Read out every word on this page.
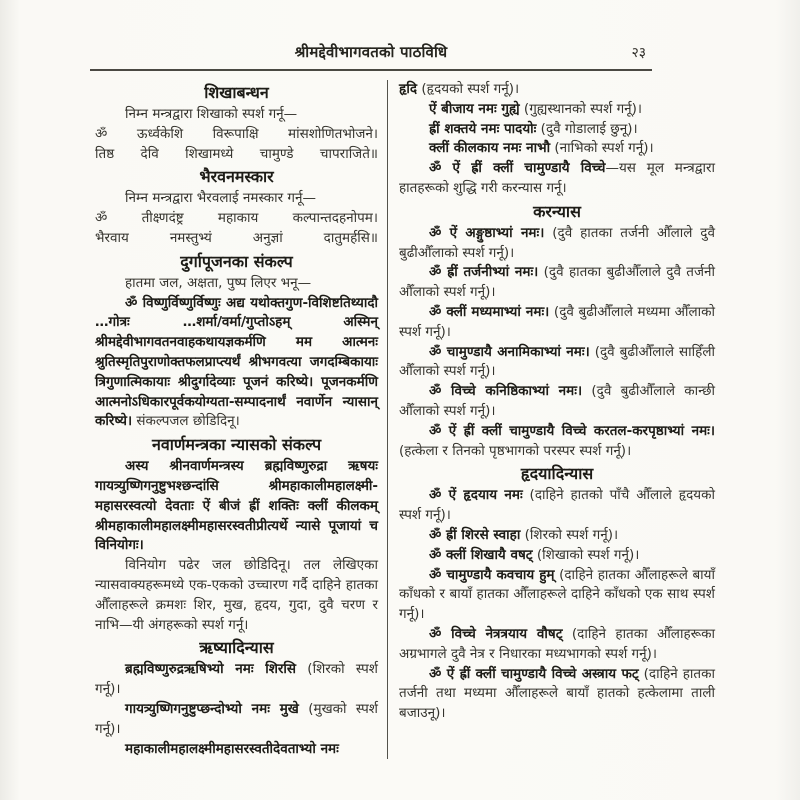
श्रीमद्देवीभागवतको पाठविधि	२३
शिखाबन्धन
निम्न मन्त्रद्वारा शिखाको स्पर्श गर्नू—
ॐ ऊर्ध्वकेशि विरूपाक्षि मांसशोणितभोजने।
तिष्ठ देवि शिखामध्ये चामुण्डे चापराजिते॥
भैरवनमस्कार
निम्न मन्त्रद्वारा भैरवलाई नमस्कार गर्नू—
ॐ तीक्ष्णदंष्ट्र महाकाय कल्पान्तदहनोपम।
भैरवाय नमस्तुभ्यं अनुज्ञां दातुमर्हसि॥
दुर्गापूजनका संकल्प
हातमा जल, अक्षता, पुष्प लिएर भनू—
ॐ विष्णुर्विष्णुर्विष्णुः अद्य यथोक्तगुण-विशिष्टतिथ्यादौ …गोत्रः …शर्मा/वर्मा/गुप्तोऽहम् अस्मिन् श्रीमद्देवीभागवतनवाहकथायज्ञकर्मणि मम आत्मनः श्रुतिस्मृतिपुराणोक्तफलप्राप्त्यर्थं श्रीभगवत्या जगदम्बिकायाः त्रिगुणात्मिकायाः श्रीदुर्गादेव्याः पूजनं करिष्ये। पूजनकर्मणि आत्मनोऽधिकारपूर्वकयोग्यता-सम्पादनार्थं नवार्णेन न्यासान् करिष्ये। संकल्पजल छोडिदिनू।
नवार्णमन्त्रका न्यासको संकल्प
अस्य श्रीनवार्णमन्त्रस्य ब्रह्मविष्णुरुद्रा ऋषयः गायत्र्युष्णिगनुष्टुभश्छन्दांसि श्रीमहाकालीमहालक्ष्मी-महासरस्वत्यो देवताः ऐं बीजं ह्रीं शक्तिः क्लीं कीलकम् श्रीमहाकालीमहालक्ष्मीमहासरस्वतीप्रीत्यर्थे न्यासे पूजायां च विनियोगः।
विनियोग पढेर जल छोडिदिनू। तल लेखिएका न्यासवाक्यहरूमध्ये एक-एकको उच्चारण गर्दै दाहिने हातका औँलाहरूले क्रमशः शिर, मुख, हृदय, गुदा, दुवै चरण र नाभि—यी अंगहरूको स्पर्श गर्नू।
ऋष्यादिन्यास
ब्रह्मविष्णुरुद्रऋषिभ्यो नमः शिरसि (शिरको स्पर्श गर्नू)।
गायत्र्युष्णिगनुष्टुप्छन्दोभ्यो नमः मुखे (मुखको स्पर्श गर्नू)।
महाकालीमहालक्ष्मीमहासरस्वतीदेवताभ्यो नमः
हृदि (हृदयको स्पर्श गर्नू)।
ऐं बीजाय नमः गुह्ये (गुह्यस्थानको स्पर्श गर्नू)।
ह्रीं शक्तये नमः पादयोः (दुवै गोडालाई छुनू)।
क्लीं कीलकाय नमः नाभौ (नाभिको स्पर्श गर्नू)।
ॐ ऐं ह्रीं क्लीं चामुण्डायै विच्चे—यस मूल मन्त्रद्वारा हातहरूको शुद्धि गरी करन्यास गर्नू।
करन्यास
ॐ ऐं अङ्गुष्ठाभ्यां नमः। (दुवै हातका तर्जनी औँलाले दुवै बुढीऔँलाको स्पर्श गर्नू)।
ॐ ह्रीं तर्जनीभ्यां नमः। (दुवै हातका बुढीऔँलाले दुवै तर्जनी औँलाको स्पर्श गर्नू)।
ॐ क्लीं मध्यमाभ्यां नमः। (दुवै बुढीऔँलाले मध्यमा औँलाको स्पर्श गर्नू)।
ॐ चामुण्डायै अनामिकाभ्यां नमः। (दुवै बुढीऔँलाले साहिँली औँलाको स्पर्श गर्नू)।
ॐ विच्चे कनिष्ठिकाभ्यां नमः। (दुवै बुढीऔँलाले कान्छी औँलाको स्पर्श गर्नू)।
ॐ ऐं ह्रीं क्लीं चामुण्डायै विच्चे करतल-करपृष्ठाभ्यां नमः। (हत्केला र तिनको पृष्ठभागको परस्पर स्पर्श गर्नू)।
हृदयादिन्यास
ॐ ऐं हृदयाय नमः (दाहिने हातको पाँचै औँलाले हृदयको स्पर्श गर्नू)।
ॐ ह्रीं शिरसे स्वाहा (शिरको स्पर्श गर्नू)।
ॐ क्लीं शिखायै वषट् (शिखाको स्पर्श गर्नू)।
ॐ चामुण्डायै कवचाय हुम् (दाहिने हातका औँलाहरूले बायाँ काँधको र बायाँ हातका औँलाहरूले दाहिने काँधको एक साथ स्पर्श गर्नू)।
ॐ विच्चे नेत्रत्रयाय वौषट् (दाहिने हातका औँलाहरूका अग्रभागले दुवै नेत्र र निधारका मध्यभागको स्पर्श गर्नू)।
ॐ ऐं ह्रीं क्लीं चामुण्डायै विच्चे अस्त्राय फट् (दाहिने हातका तर्जनी तथा मध्यमा औँलाहरूले बायाँ हातको हत्केलामा ताली बजाउनू)।
